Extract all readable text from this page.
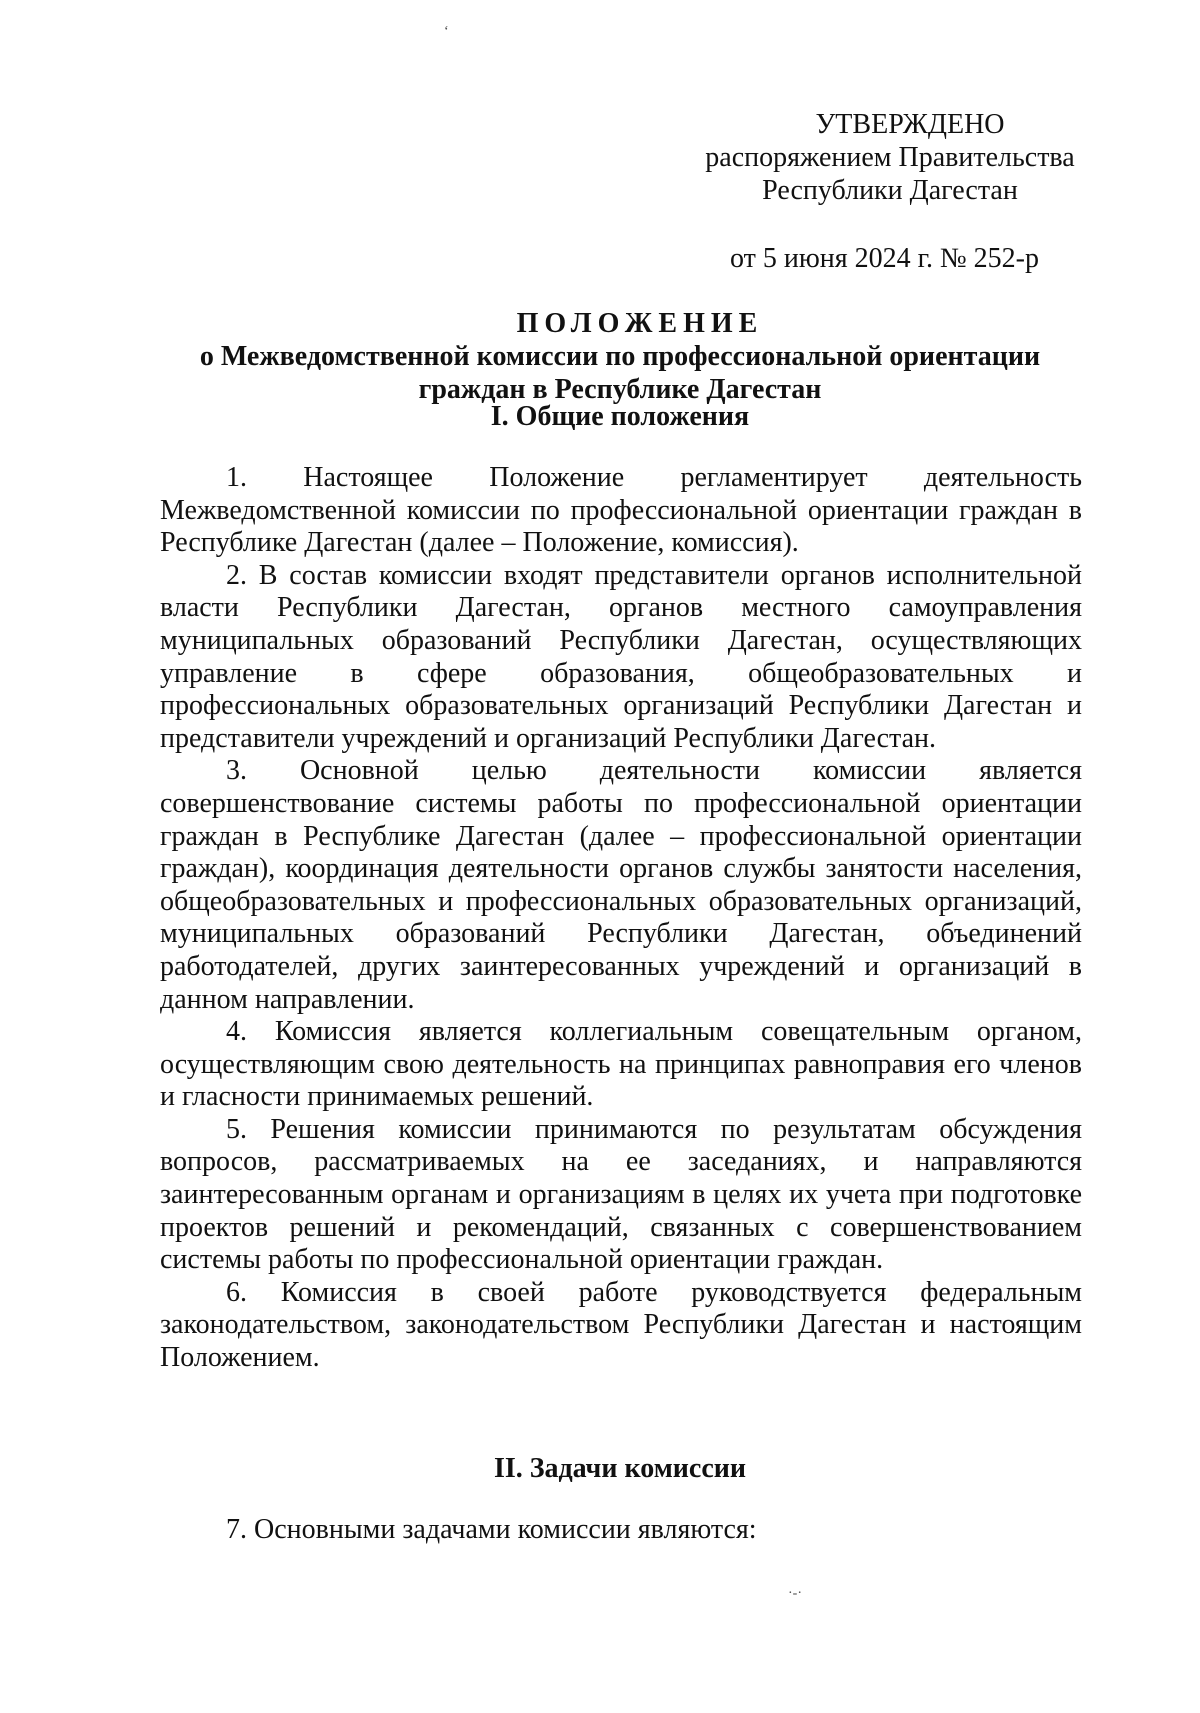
УТВЕРЖДЕНО
распоряжением Правительства
Республики Дагестан
от 5 июня 2024 г. № 252-р
ПОЛОЖЕНИЕ
о Межведомственной комиссии по профессиональной ориентации
граждан в Республике Дагестан
I. Общие положения

1. Настоящее Положение регламентирует деятельность Межведомственной комиссии по профессиональной ориентации граждан в Республике Дагестан (далее – Положение, комиссия).

2. В состав комиссии входят представители органов исполнительной власти Республики Дагестан, органов местного самоуправления муниципальных образований Республики Дагестан, осуществляющих управление в сфере образования, общеобразовательных и профессиональных образовательных организаций Республики Дагестан и представители учреждений и организаций Республики Дагестан.

3. Основной целью деятельности комиссии является совершенствование системы работы по профессиональной ориентации граждан в Республике Дагестан (далее – профессиональной ориентации граждан), координация деятельности органов службы занятости населения, общеобразовательных и профессиональных образовательных организаций, муниципальных образований Республики Дагестан, объединений работодателей, других заинтересованных учреждений и организаций в данном направлении.

4. Комиссия является коллегиальным совещательным органом, осуществляющим свою деятельность на принципах равноправия его членов и гласности принимаемых решений.

5. Решения комиссии принимаются по результатам обсуждения вопросов, рассматриваемых на ее заседаниях, и направляются заинтересованным органам и организациям в целях их учета при подготовке проектов решений и рекомендаций, связанных с совершенствованием системы работы по профессиональной ориентации граждан.

6. Комиссия в своей работе руководствуется федеральным законодательством, законодательством Республики Дагестан и настоящим Положением.

II. Задачи комиссии

7. Основными задачами комиссии являются:

ʻ
·-·
